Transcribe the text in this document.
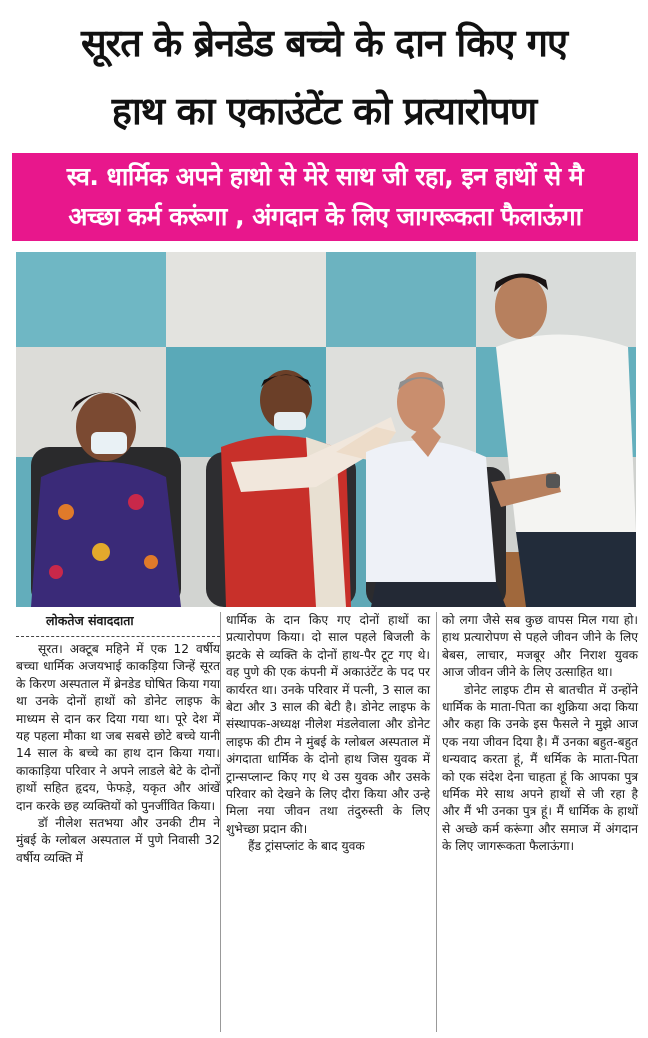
सूरत के ब्रेनडेड बच्चे के दान किए गए
हाथ का एकाउंटेंट को प्रत्यारोपण
स्व. धार्मिक अपने हाथो से मेरे साथ जी रहा, इन हाथों से मै
अच्छा कर्म करूंगा , अंगदान के लिए जागरूकता फैलाऊंगा

लोकतेज संवाददाता

सूरत। अक्टूब महिने में एक 12 वर्षीय बच्चा धार्मिक अजयभाई काकड़िया जिन्हें सूरत के किरण अस्पताल में ब्रेनडेड घोषित किया गया था उनके दोनों हाथों को डोनेट लाइफ के माध्यम से दान कर दिया गया था। पूरे देश में यह पहला मौका था जब सबसे छोटे बच्चे यानी 14 साल के बच्चे का हाथ दान किया गया। काकाड़िया परिवार ने अपने लाडले बेटे के दोनों हाथों सहित हृदय, फेफड़े, यकृत और आंखें दान करके छह व्यक्तियों को पुनर्जीवित किया।

डॉ नीलेश सतभया और उनकी टीम ने मुंबई के ग्लोबल अस्पताल में पुणे निवासी 32 वर्षीय व्यक्ति में

धार्मिक के दान किए गए दोनों हाथों का प्रत्यारोपण किया। दो साल पहले बिजली के झटके से व्यक्ति के दोनों हाथ-पैर टूट गए थे। वह पुणे की एक कंपनी में अकाउंटेंट के पद पर कार्यरत था। उनके परिवार में पत्नी, 3 साल का बेटा और 3 साल की बेटी है। डोनेट लाइफ के संस्थापक-अध्यक्ष नीलेश मंडलेवाला और डोनेट लाइफ की टीम ने मुंबई के ग्लोबल अस्पताल में अंगदाता धार्मिक के दोनो हाथ जिस युवक में ट्रान्सप्लान्ट किए गए थे उस युवक और उसके परिवार को देखने के लिए दौरा किया और उन्हे मिला नया जीवन तथा तंदुरुस्ती के लिए शुभेच्छा प्रदान की।

हैंड ट्रांसप्लांट के बाद युवक

को लगा जैसे सब कुछ वापस मिल गया हो। हाथ प्रत्यारोपण से पहले जीवन जीने के लिए बेबस, लाचार, मजबूर और निराश युवक आज जीवन जीने के लिए उत्साहित था।

डोनेट लाइफ टीम से बातचीत में उन्होंने धार्मिक के माता-पिता का शुक्रिया अदा किया और कहा कि उनके इस फैसले ने मुझे आज एक नया जीवन दिया है। मैं उनका बहुत-बहुत धन्यवाद करता हूं, मैं धर्मिक के माता-पिता को एक संदेश देना चाहता हूं कि आपका पुत्र धर्मिक मेरे साथ अपने हाथों से जी रहा है और मैं भी उनका पुत्र हूं। मैं धार्मिक के हाथों से अच्छे कर्म करूंगा और समाज में अंगदान के लिए जागरूकता फैलाऊंगा।
